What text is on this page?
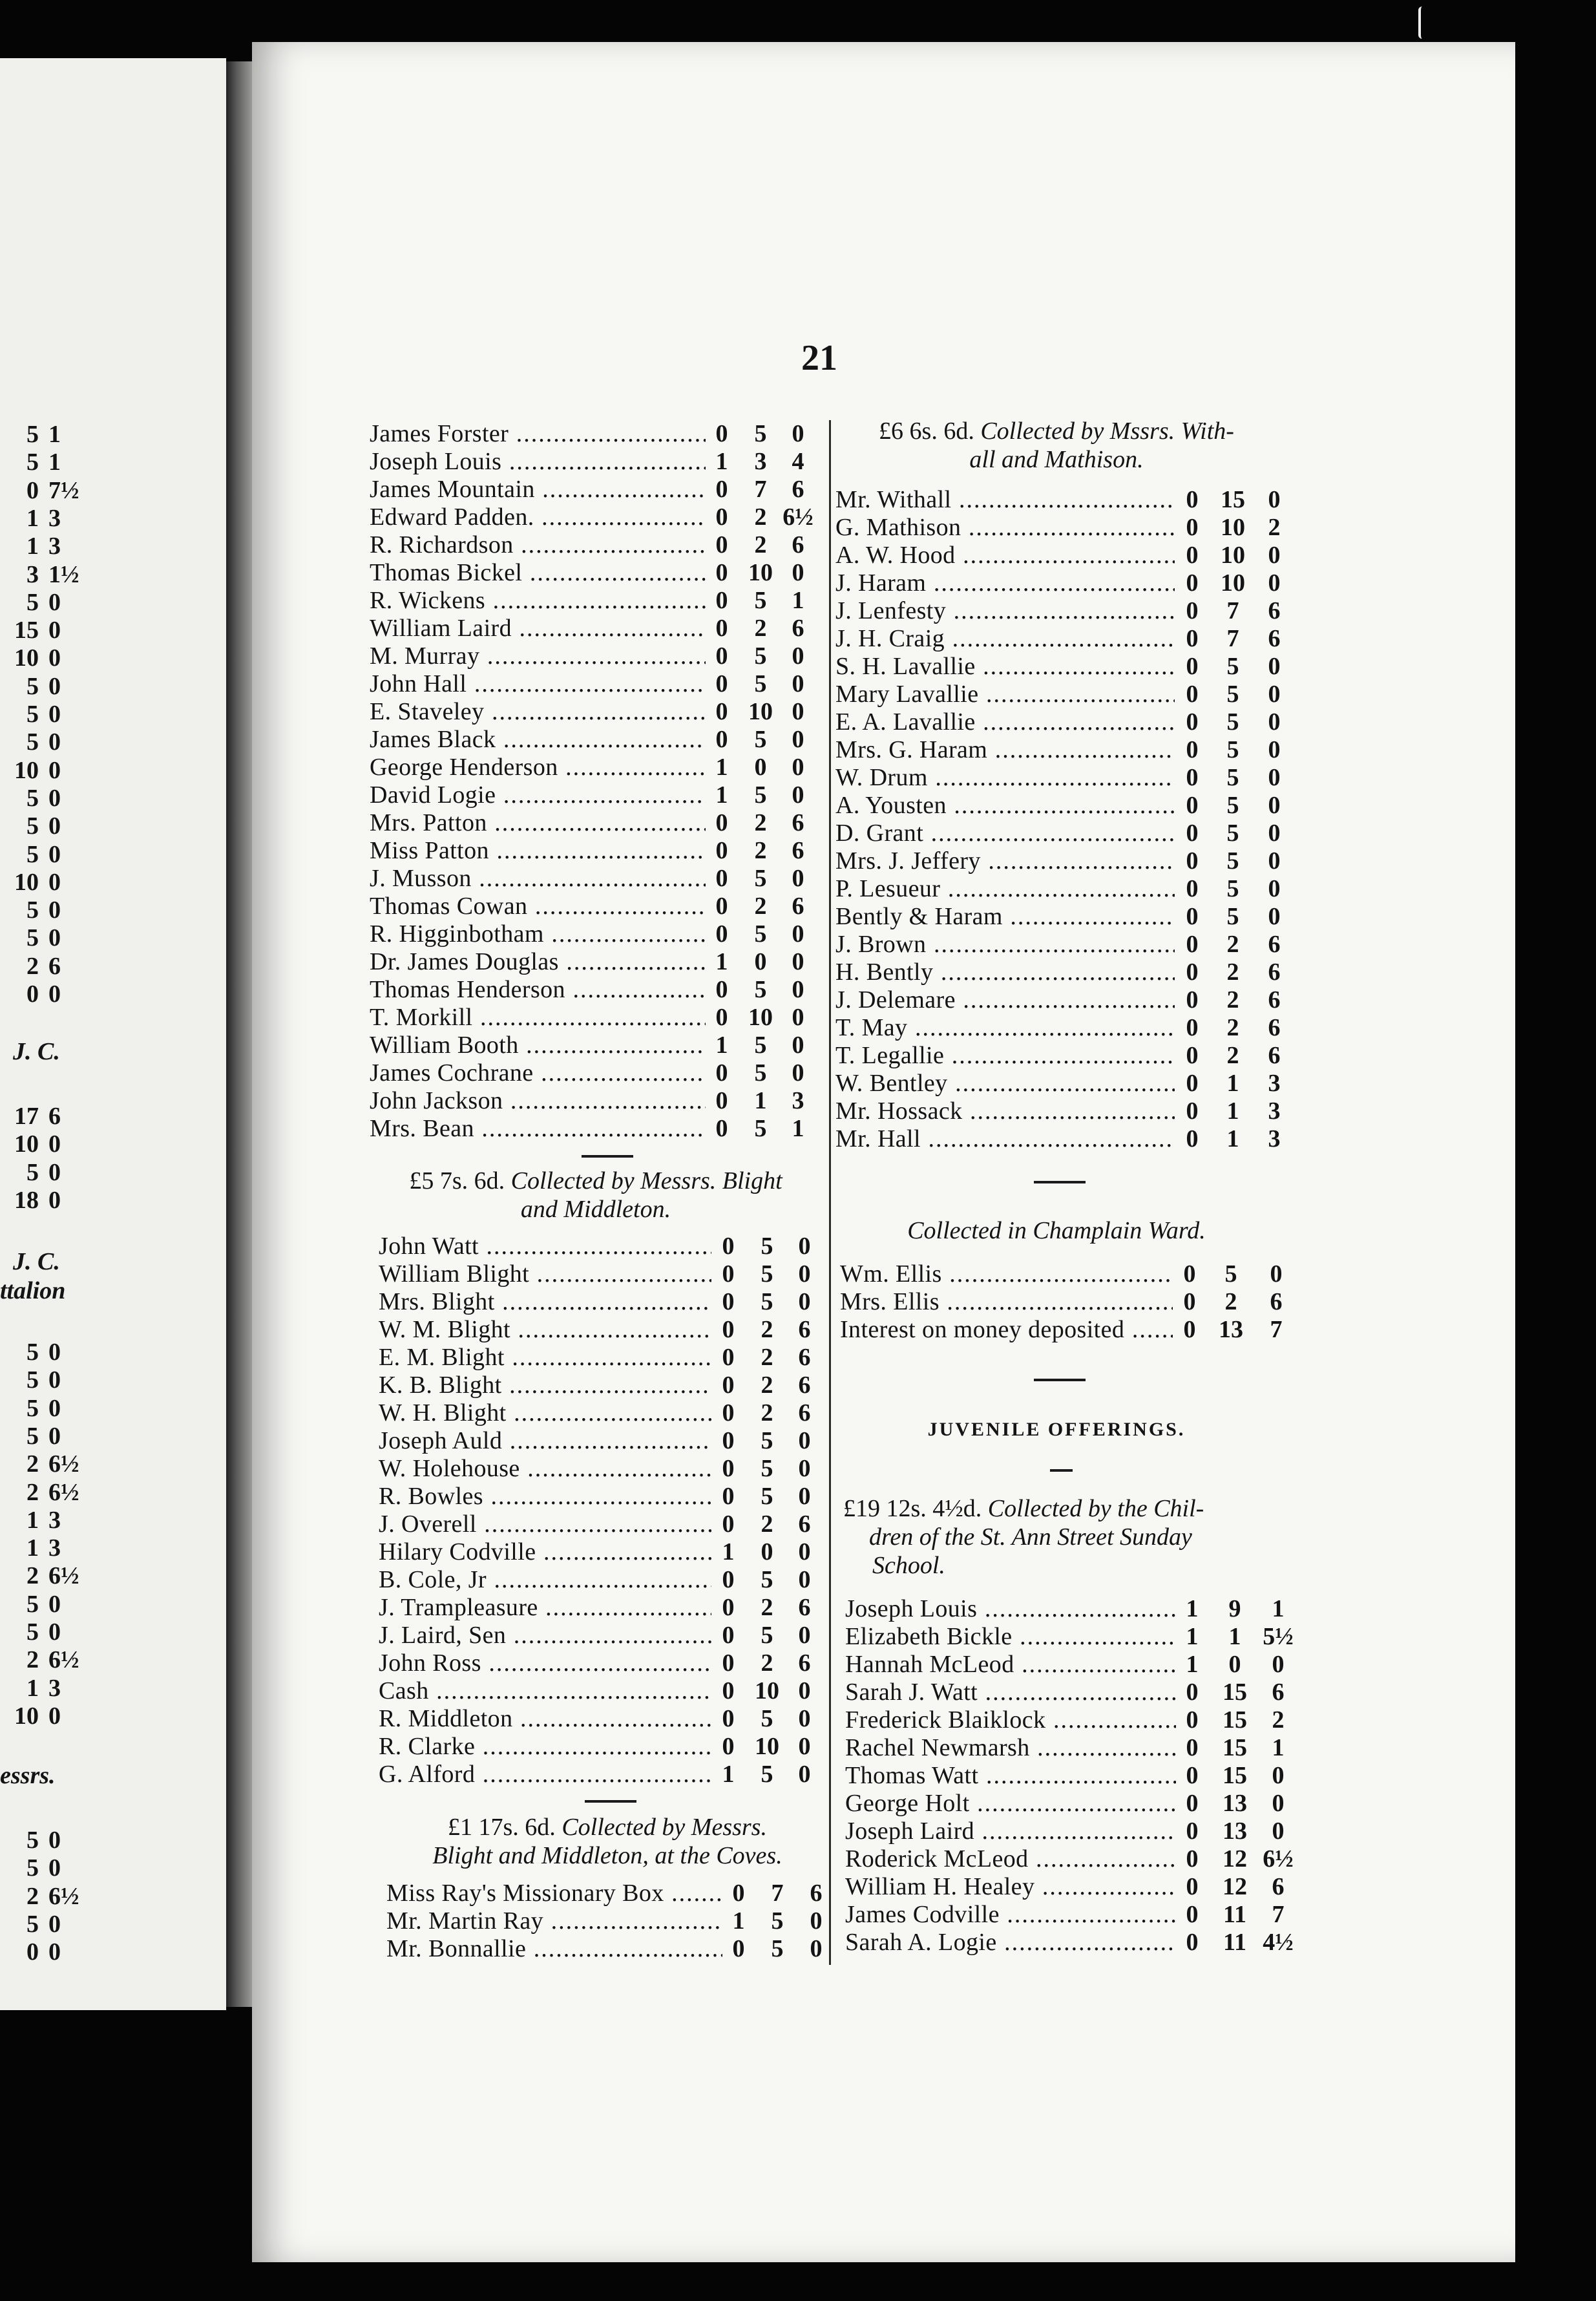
5 1
5 1
0 7½
1 3
1 3
3 1½
5 0
15 0
10 0
5 0
5 0
5 0
10 0
5 0
5 0
5 0
10 0
5 0
5 0
2 6
0 0
J. C.
17 6
10 0
5 0
18 0
J. C.
ttalion
5 0
5 0
5 0
5 0
2 6½
2 6½
1 3
1 3
2 6½
5 0
5 0
2 6½
1 3
10 0
essrs.
5 0
5 0
2 6½
5 0
0 0
21
James Forster .....	0	5	0
Joseph Louis .....	1	3	4
James Mountain .....	0	7	6
Edward Padden. .....	0	2 6½
R. Richardson .....	0	2	6
Thomas Bickel .....	0 10 0
R. Wickens .....	0	5	1
William Laird .....	0	2	6
M. Murray .....	0	5	0
John Hall .....	0	5	0
E. Staveley .....	0 10 0
James Black .....	0	5	0
George Henderson .....	1	0	0
David Logie .....	1	5	0
Mrs. Patton .....	0	2	6
Miss Patton .....	0	2	6
J. Musson .....	0	5	0
Thomas Cowan .....	0	2	6
R. Higginbotham .....	0	5	0
Dr. James Douglas .....	1	0	0
Thomas Henderson .....	0	5	0
T. Morkill .....	0 10 0
William Booth .....	1	5	0
James Cochrane .....	0	5	0
John Jackson .....	0	1	3
Mrs. Bean .....	0	5	1
£5 7s. 6d. Collected by Messrs. Blight
and Middleton.
John Watt .....	0	5	0
William Blight .....	0	5	0
Mrs. Blight .....	0	5	0
W. M. Blight .....	0	2	6
E. M. Blight .....	0	2	6
K. B. Blight .....	0	2	6
W. H. Blight .....	0	2	6
Joseph Auld .....	0	5	0
W. Holehouse .....	0	5	0
R. Bowles .....	0	5	0
J. Overell .....	0	2	6
Hilary Codville .....	1	0	0
B. Cole, Jr .....	0	5	0
J. Trampleasure .....	0	2	6
J. Laird, Sen .....	0	5	0
John Ross .....	0	2	6
Cash .....	0 10 0
R. Middleton .....	0	5	0
R. Clarke .....	0 10 0
G. Alford .....	1	5	0
£1 17s. 6d. Collected by Messrs.
Blight and Middleton, at the Coves.
Miss Ray's Missionary Box .....	0	7	6
Mr. Martin Ray .....	1	5	0
Mr. Bonnallie .....	0	5	0
£6 6s. 6d. Collected by Mssrs. With-
all and Mathison.
Mr. Withall .....	0 15 0
G. Mathison .....	0 10 2
A. W. Hood .....	0 10 0
J. Haram .....	0 10 0
J. Lenfesty .....	0	7	6
J. H. Craig .....	0	7	6
S. H. Lavallie .....	0	5	0
Mary Lavallie .....	0	5	0
E. A. Lavallie .....	0	5	0
Mrs. G. Haram .....	0	5	0
W. Drum .....	0	5	0
A. Yousten .....	0	5	0
D. Grant .....	0	5	0
Mrs. J. Jeffery .....	0	5	0
P. Lesueur .....	0	5	0
Bently & Haram .....	0	5	0
J. Brown .....	0	2	6
H. Bently .....	0	2	6
J. Delemare .....	0	2	6
T. May .....	0	2	6
T. Legallie .....	0	2	6
W. Bentley .....	0	1	3
Mr. Hossack .....	0	1	3
Mr. Hall .....	0	1	3
Collected in Champlain Ward.
Wm. Ellis .....	0	5	0
Mrs. Ellis .....	0	2	6
Interest on money deposited .....	0 13	7
JUVENILE OFFERINGS.
£19 12s. 4½d. Collected by the Chil-
dren of the St. Ann Street Sunday
School.
Joseph Louis .....	1	9	1
Elizabeth Bickle .....	1	1 5½
Hannah McLeod .....	1	0	0
Sarah J. Watt .....	0 15	6
Frederick Blaiklock .....	0 15	2
Rachel Newmarsh .....	0 15	1
Thomas Watt .....	0 15	0
George Holt .....	0 13	0
Joseph Laird .....	0 13	0
Roderick McLeod .....	0 12 6½
William H. Healey .....	0 12	6
James Codville .....	0	11	7
Sarah A. Logie .....	0	11 4½
